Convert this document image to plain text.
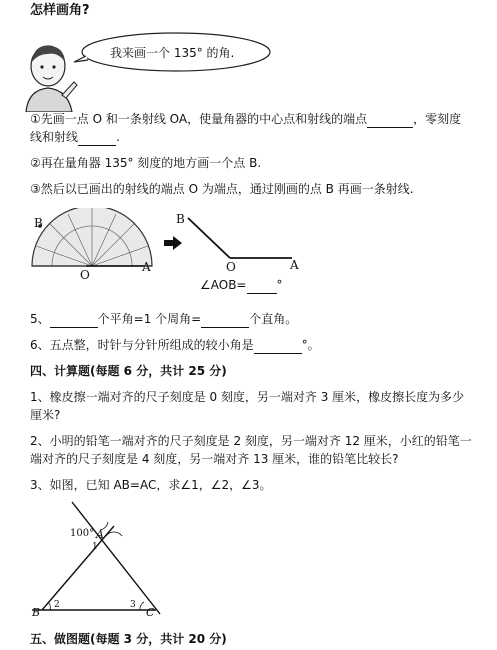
怎样画角?
我来画一个 135° 的角.
①先画一点 O 和一条射线 OA，使量角器的中心点和射线的端点	，零刻度
线和射线	.
②再在量角器 135° 刻度的地方画一个点 B.
③然后以已画出的射线的端点 O 为端点，通过刚画的点 B 再画一条射线.
B
O
A
B
A
O
∠AOB=	°
5、	个平角=1 个周角=	个直角。
6、五点整，时针与分针所组成的较小角是	°。
四、计算题(每题 6 分，共计 25 分)
1、橡皮擦一端对齐的尺子刻度是 0 刻度，另一端对齐 3 厘米，橡皮擦长度为多少
厘米?
2、小明的铅笔一端对齐的尺子刻度是 2 刻度，另一端对齐 12 厘米，小红的铅笔一
端对齐的尺子刻度是 4 刻度，另一端对齐 13 厘米，谁的铅笔比较长?
3、如图，已知 AB=AC，求∠1，∠2，∠3。
100° A
1
B
2	3
C
五、做图题(每题 3 分，共计 20 分)
